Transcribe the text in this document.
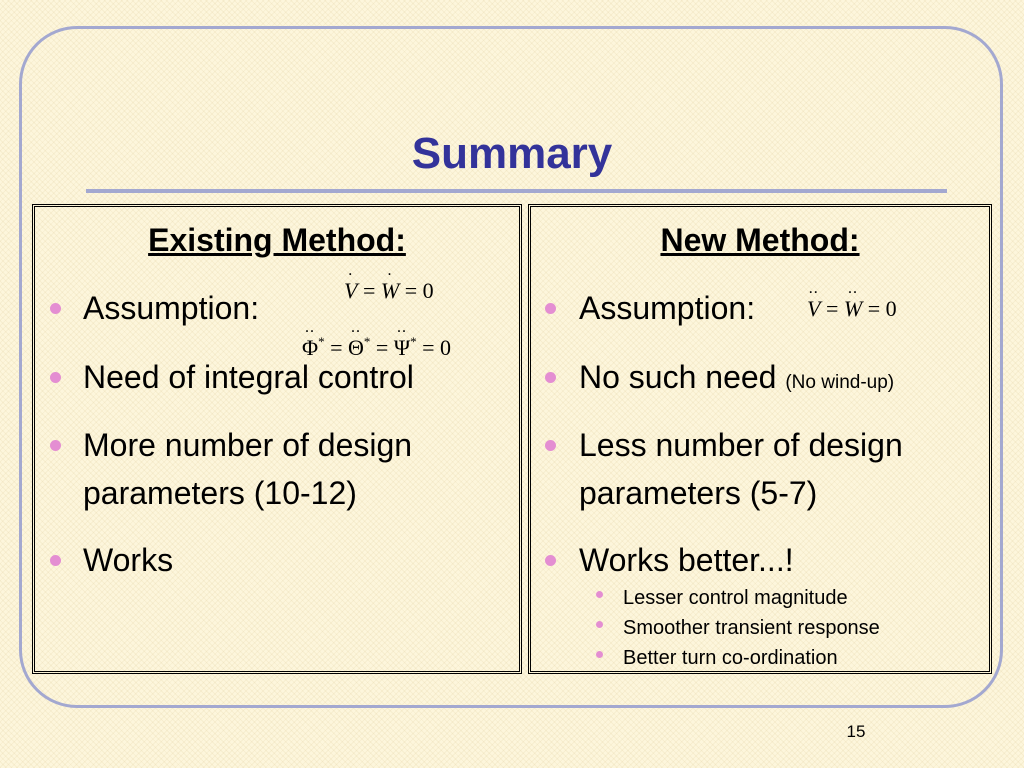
Summary
Existing Method:
Assumption:
.
V =
.
W = 0
..
Φ* =
..
Θ* =
..
Ψ* = 0
Need of integral control
More number of design
parameters (10-12)
Works
New Method:
Assumption:
..
V =
..
W = 0
No such need (No wind-up)
Less number of design
parameters (5-7)
Works better...!
Lesser control magnitude
Smoother transient response
Better turn co-ordination
15
